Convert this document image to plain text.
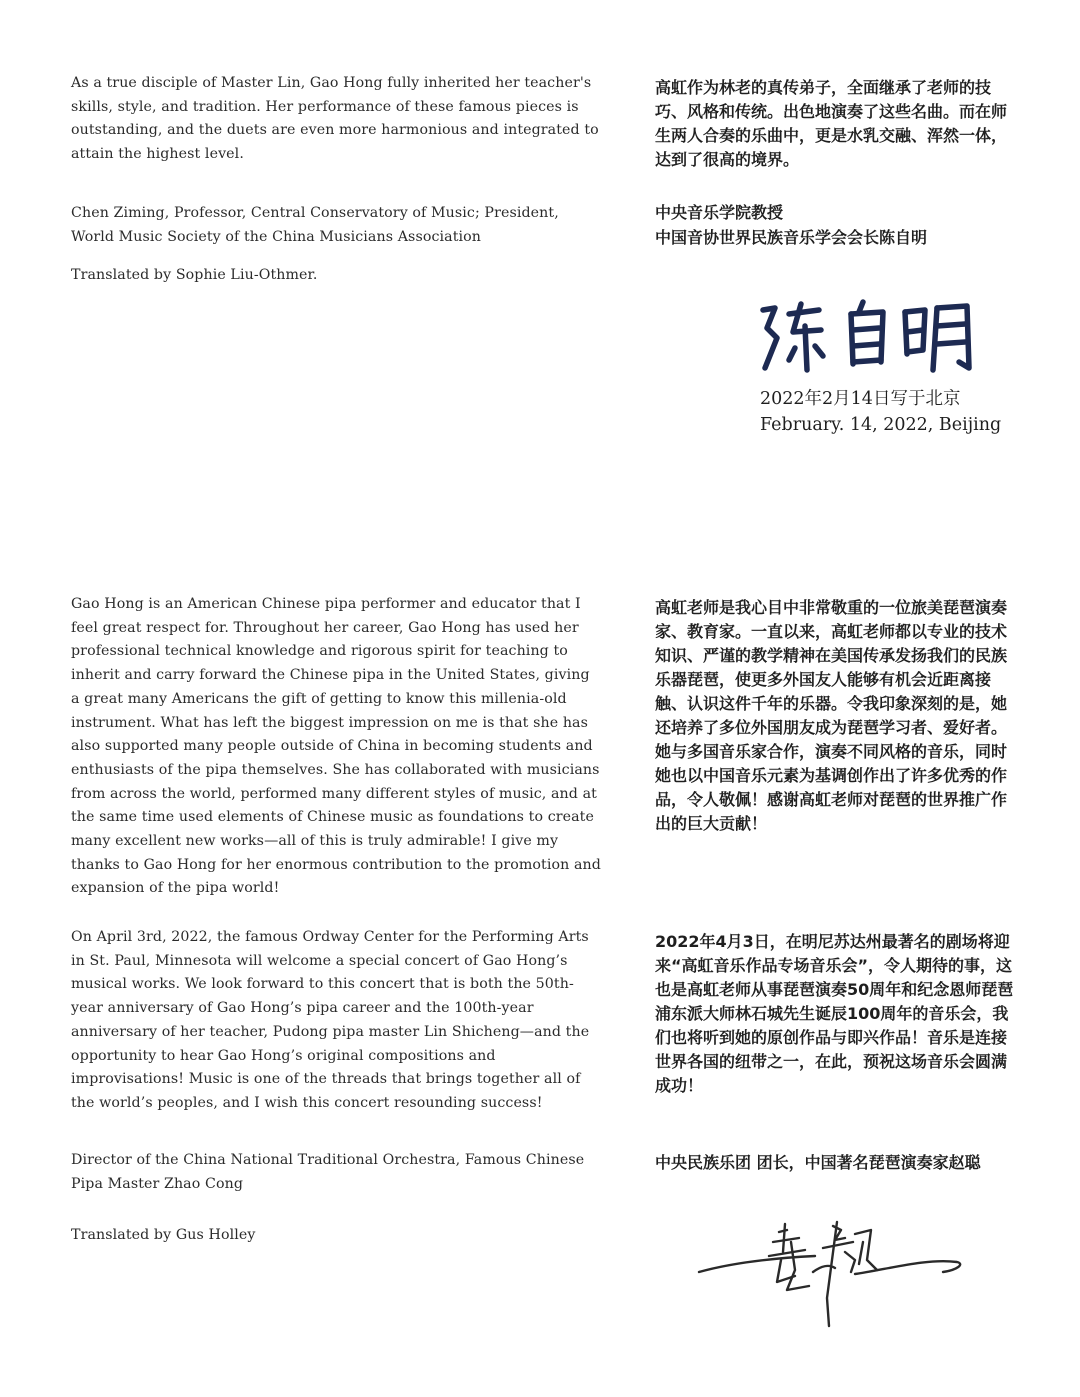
As a true disciple of Master Lin, Gao Hong fully inherited her teacher's skills, style, and tradition. Her performance of these famous pieces is outstanding, and the duets are even more harmonious and integrated to attain the highest level.

Chen Ziming, Professor, Central Conservatory of Music; President, World Music Society of the China Musicians Association

Translated by Sophie Liu-Othmer.

高虹作为林老的真传弟子，全面继承了老师的技巧、风格和传统。出色地演奏了这些名曲。而在师生两人合奏的乐曲中，更是水乳交融、浑然一体，达到了很高的境界。

中央音乐学院教授

中国音协世界民族音乐学会会长陈自明

2022年2月14日写于北京

February. 14, 2022, Beijing

Gao Hong is an American Chinese pipa performer and educator that I feel great respect for. Throughout her career, Gao Hong has used her professional technical knowledge and rigorous spirit for teaching to inherit and carry forward the Chinese pipa in the United States, giving a great many Americans the gift of getting to know this millenia-old instrument. What has left the biggest impression on me is that she has also supported many people outside of China in becoming students and enthusiasts of the pipa themselves. She has collaborated with musicians from across the world, performed many different styles of music, and at the same time used elements of Chinese music as foundations to create many excellent new works—all of this is truly admirable! I give my thanks to Gao Hong for her enormous contribution to the promotion and expansion of the pipa world!

On April 3rd, 2022, the famous Ordway Center for the Performing Arts in St. Paul, Minnesota will welcome a special concert of Gao Hong’s musical works. We look forward to this concert that is both the 50th-year anniversary of Gao Hong’s pipa career and the 100th-year anniversary of her teacher, Pudong pipa master Lin Shicheng—and the opportunity to hear Gao Hong’s original compositions and improvisations! Music is one of the threads that brings together all of the world’s peoples, and I wish this concert resounding success!

Director of the China National Traditional Orchestra, Famous Chinese Pipa Master Zhao Cong

Translated by Gus Holley

高虹老师是我心目中非常敬重的一位旅美琵琶演奏家、教育家。一直以来，高虹老师都以专业的技术知识、严谨的教学精神在美国传承发扬我们的民族乐器琵琶，使更多外国友人能够有机会近距离接触、认识这件千年的乐器。令我印象深刻的是，她还培养了多位外国朋友成为琵琶学习者、爱好者。她与多国音乐家合作，演奏不同风格的音乐，同时她也以中国音乐元素为基调创作出了许多优秀的作品，令人敬佩！感谢高虹老师对琵琶的世界推广作出的巨大贡献！

2022年4月3日，在明尼苏达州最著名的剧场将迎来“高虹音乐作品专场音乐会”，令人期待的事，这也是高虹老师从事琵琶演奏50周年和纪念恩师琵琶浦东派大师林石城先生诞辰100周年的音乐会，我们也将听到她的原创作品与即兴作品！音乐是连接世界各国的纽带之一，在此，预祝这场音乐会圆满成功！

中央民族乐团 团长，中国著名琵琶演奏家赵聪
